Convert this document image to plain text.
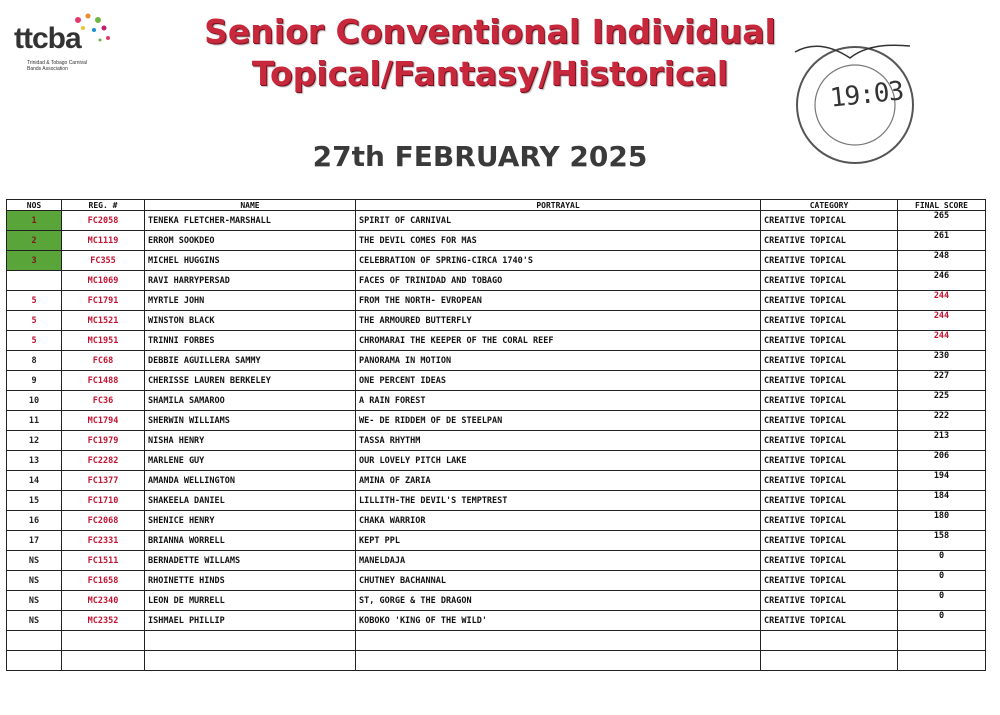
ttcba
Trinidad & Tobago Carnival Bands Association
Senior Conventional Individual
Topical/Fantasy/Historical
19:03
27th FEBRUARY 2025
NOS	REG. #	NAME	PORTRAYAL	CATEGORY	FINAL SCORE
1	FC2058	TENEKA FLETCHER-MARSHALL	SPIRIT OF CARNIVAL	CREATIVE TOPICAL	265
2	MC1119	ERROM SOOKDEO	THE DEVIL COMES FOR MAS	CREATIVE TOPICAL	261
3	FC355	MICHEL HUGGINS	CELEBRATION OF SPRING-CIRCA 1740'S	CREATIVE TOPICAL	248
	MC1069	RAVI HARRYPERSAD	FACES OF TRINIDAD AND TOBAGO	CREATIVE TOPICAL	246
5	FC1791	MYRTLE JOHN	FROM THE NORTH- EVROPEAN	CREATIVE TOPICAL	244
5	MC1521	WINSTON BLACK	THE ARMOURED BUTTERFLY	CREATIVE TOPICAL	244
5	MC1951	TRINNI FORBES	CHROMARAI THE KEEPER OF THE CORAL REEF	CREATIVE TOPICAL	244
8	FC68	DEBBIE AGUILLERA SAMMY	PANORAMA IN MOTION	CREATIVE TOPICAL	230
9	FC1488	CHERISSE LAUREN BERKELEY	ONE PERCENT IDEAS	CREATIVE TOPICAL	227
10	FC36	SHAMILA SAMAROO	A RAIN FOREST	CREATIVE TOPICAL	225
11	MC1794	SHERWIN WILLIAMS	WE- DE RIDDEM OF DE STEELPAN	CREATIVE TOPICAL	222
12	FC1979	NISHA HENRY	TASSA RHYTHM	CREATIVE TOPICAL	213
13	FC2282	MARLENE GUY	OUR LOVELY PITCH LAKE	CREATIVE TOPICAL	206
14	FC1377	AMANDA WELLINGTON	AMINA OF ZARIA	CREATIVE TOPICAL	194
15	FC1710	SHAKEELA DANIEL	LILLITH-THE DEVIL'S TEMPTREST	CREATIVE TOPICAL	184
16	FC2068	SHENICE HENRY	CHAKA WARRIOR	CREATIVE TOPICAL	180
17	FC2331	BRIANNA WORRELL	KEPT PPL	CREATIVE TOPICAL	158
NS	FC1511	BERNADETTE WILLAMS	MANELDAJA	CREATIVE TOPICAL	0
NS	FC1658	RHOINETTE HINDS	CHUTNEY BACHANNAL	CREATIVE TOPICAL	0
NS	MC2340	LEON DE MURRELL	ST, GORGE & THE DRAGON	CREATIVE TOPICAL	0
NS	MC2352	ISHMAEL PHILLIP	KOBOKO 'KING OF THE WILD'	CREATIVE TOPICAL	0
